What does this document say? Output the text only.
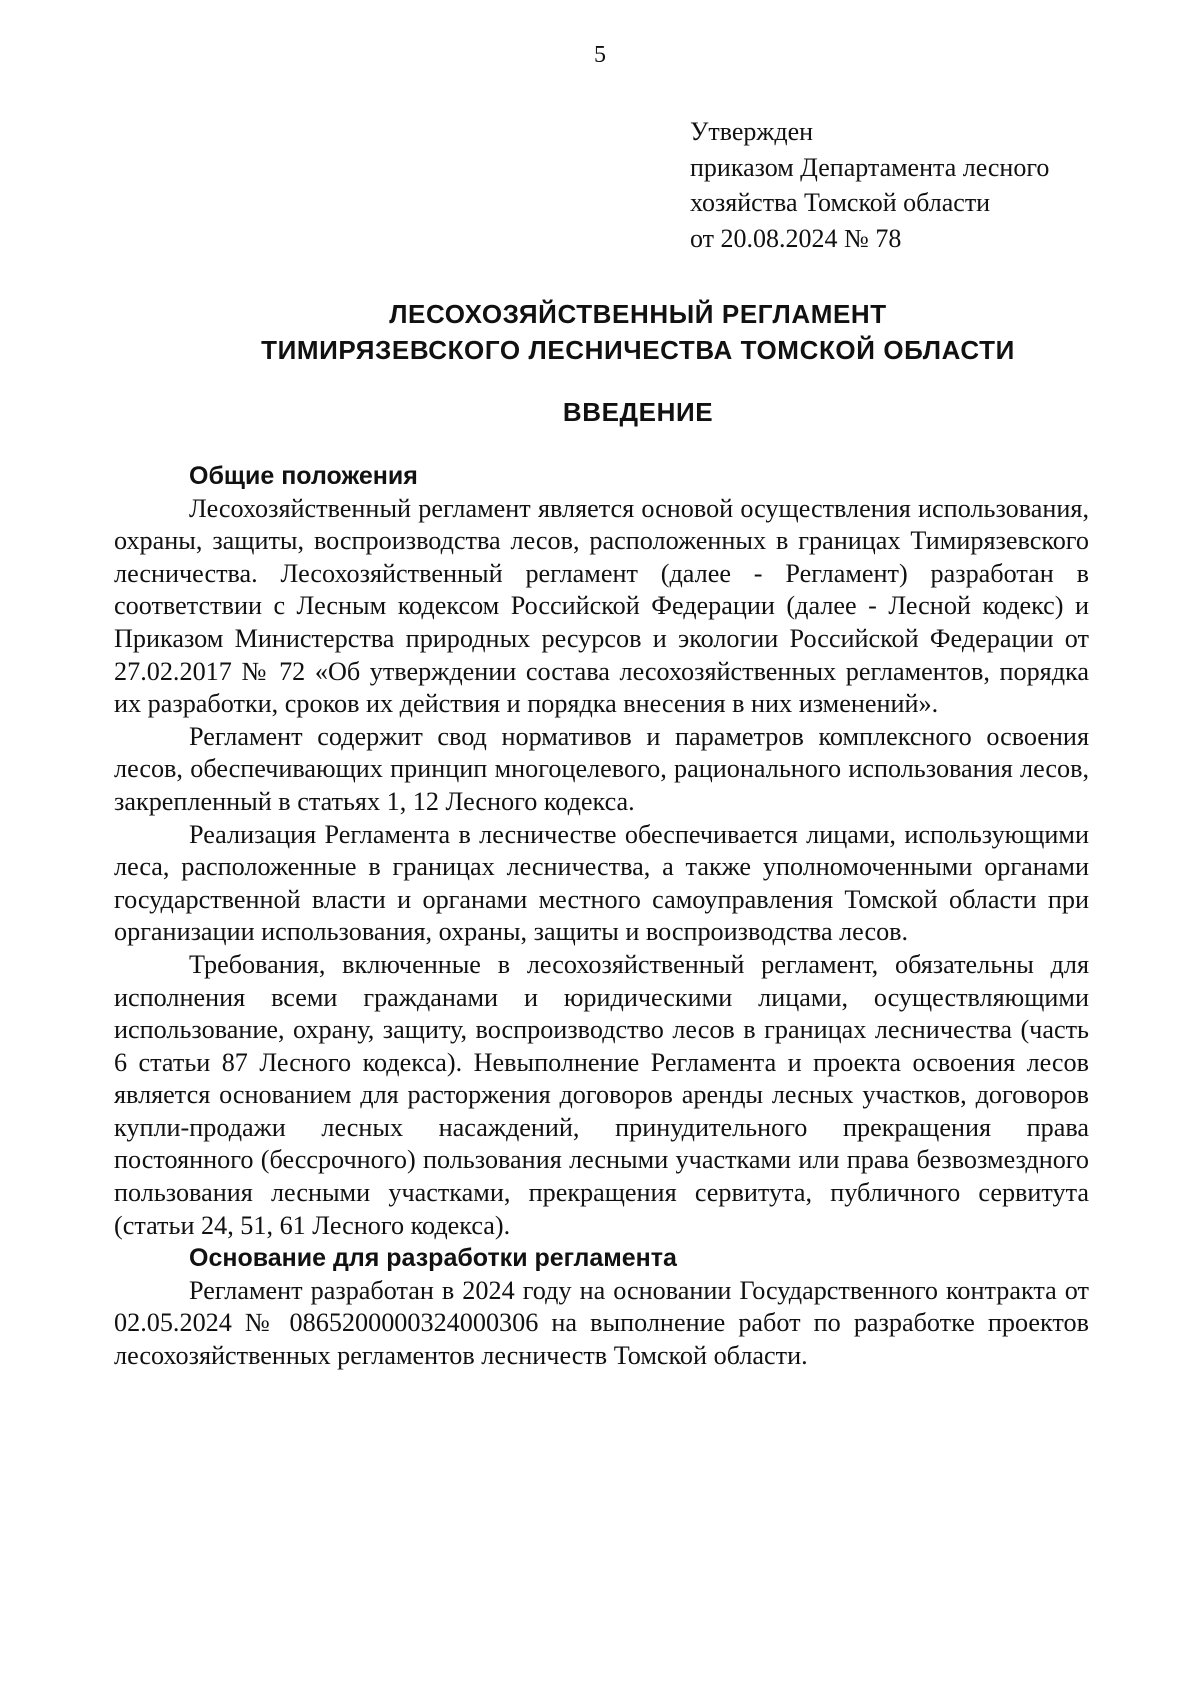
5
Утвержден
приказом Департамента лесного
хозяйства Томской области
от 20.08.2024 № 78
ЛЕСОХОЗЯЙСТВЕННЫЙ РЕГЛАМЕНТ
ТИМИРЯЗЕВСКОГО ЛЕСНИЧЕСТВА ТОМСКОЙ ОБЛАСТИ
ВВЕДЕНИЕ

Общие положения

Лесохозяйственный регламент является основой осуществления использования, охраны, защиты, воспроизводства лесов, расположенных в границах Тимирязевского лесничества. Лесохозяйственный регламент (далее - Регламент) разработан в соответствии с Лесным кодексом Российской Федерации (далее - Лесной кодекс) и Приказом Министерства природных ресурсов и экологии Российской Федерации от 27.02.2017 № 72 «Об утверждении состава лесохозяйственных регламентов, порядка их разработки, сроков их действия и порядка внесения в них изменений».

Регламент содержит свод нормативов и параметров комплексного освоения лесов, обеспечивающих принцип многоцелевого, рационального использования лесов, закрепленный в статьях 1, 12 Лесного кодекса.

Реализация Регламента в лесничестве обеспечивается лицами, использующими леса, расположенные в границах лесничества, а также уполномоченными органами государственной власти и органами местного самоуправления Томской области при организации использования, охраны, защиты и воспроизводства лесов.

Требования, включенные в лесохозяйственный регламент, обязательны для исполнения всеми гражданами и юридическими лицами, осуществляющими использование, охрану, защиту, воспроизводство лесов в границах лесничества (часть 6 статьи 87 Лесного кодекса). Невыполнение Регламента и проекта освоения лесов является основанием для расторжения договоров аренды лесных участков, договоров купли-продажи лесных насаждений, принудительного прекращения права постоянного (бессрочного) пользования лесными участками или права безвозмездного пользования лесными участками, прекращения сервитута, публичного сервитута (статьи 24, 51, 61 Лесного кодекса).

Основание для разработки регламента

Регламент разработан в 2024 году на основании Государственного контракта от 02.05.2024 № 0865200000324000306 на выполнение работ по разработке проектов лесохозяйственных регламентов лесничеств Томской области.
